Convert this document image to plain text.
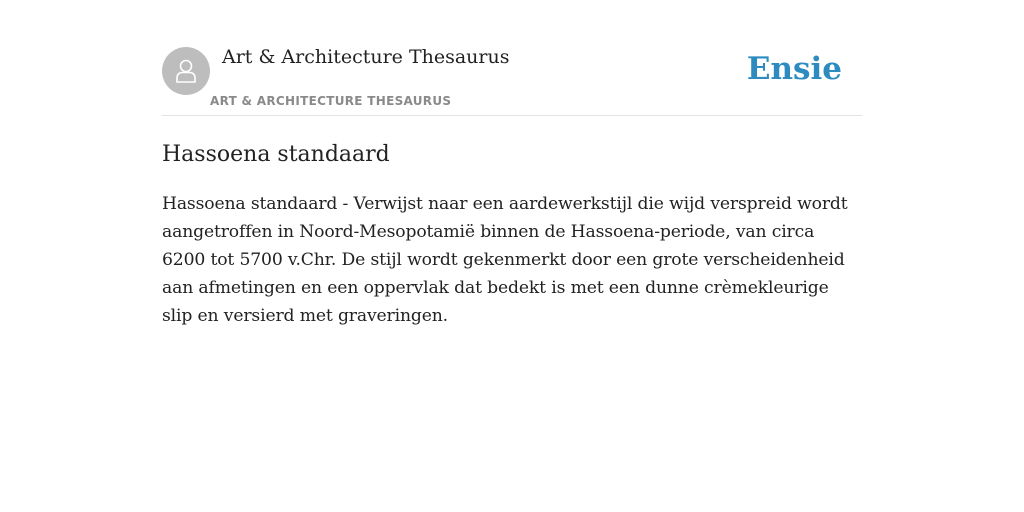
Art & Architecture Thesaurus
ART & ARCHITECTURE THESAURUS
Ensie
Hassoena standaard

Hassoena standaard - Verwijst naar een aardewerkstijl die wijd verspreid wordt aangetroffen in Noord-Mesopotamië binnen de Hassoena-periode, van circa 6200 tot 5700 v.Chr. De stijl wordt gekenmerkt door een grote verscheidenheid aan afmetingen en een oppervlak dat bedekt is met een dunne crèmekleurige slip en versierd met graveringen.
